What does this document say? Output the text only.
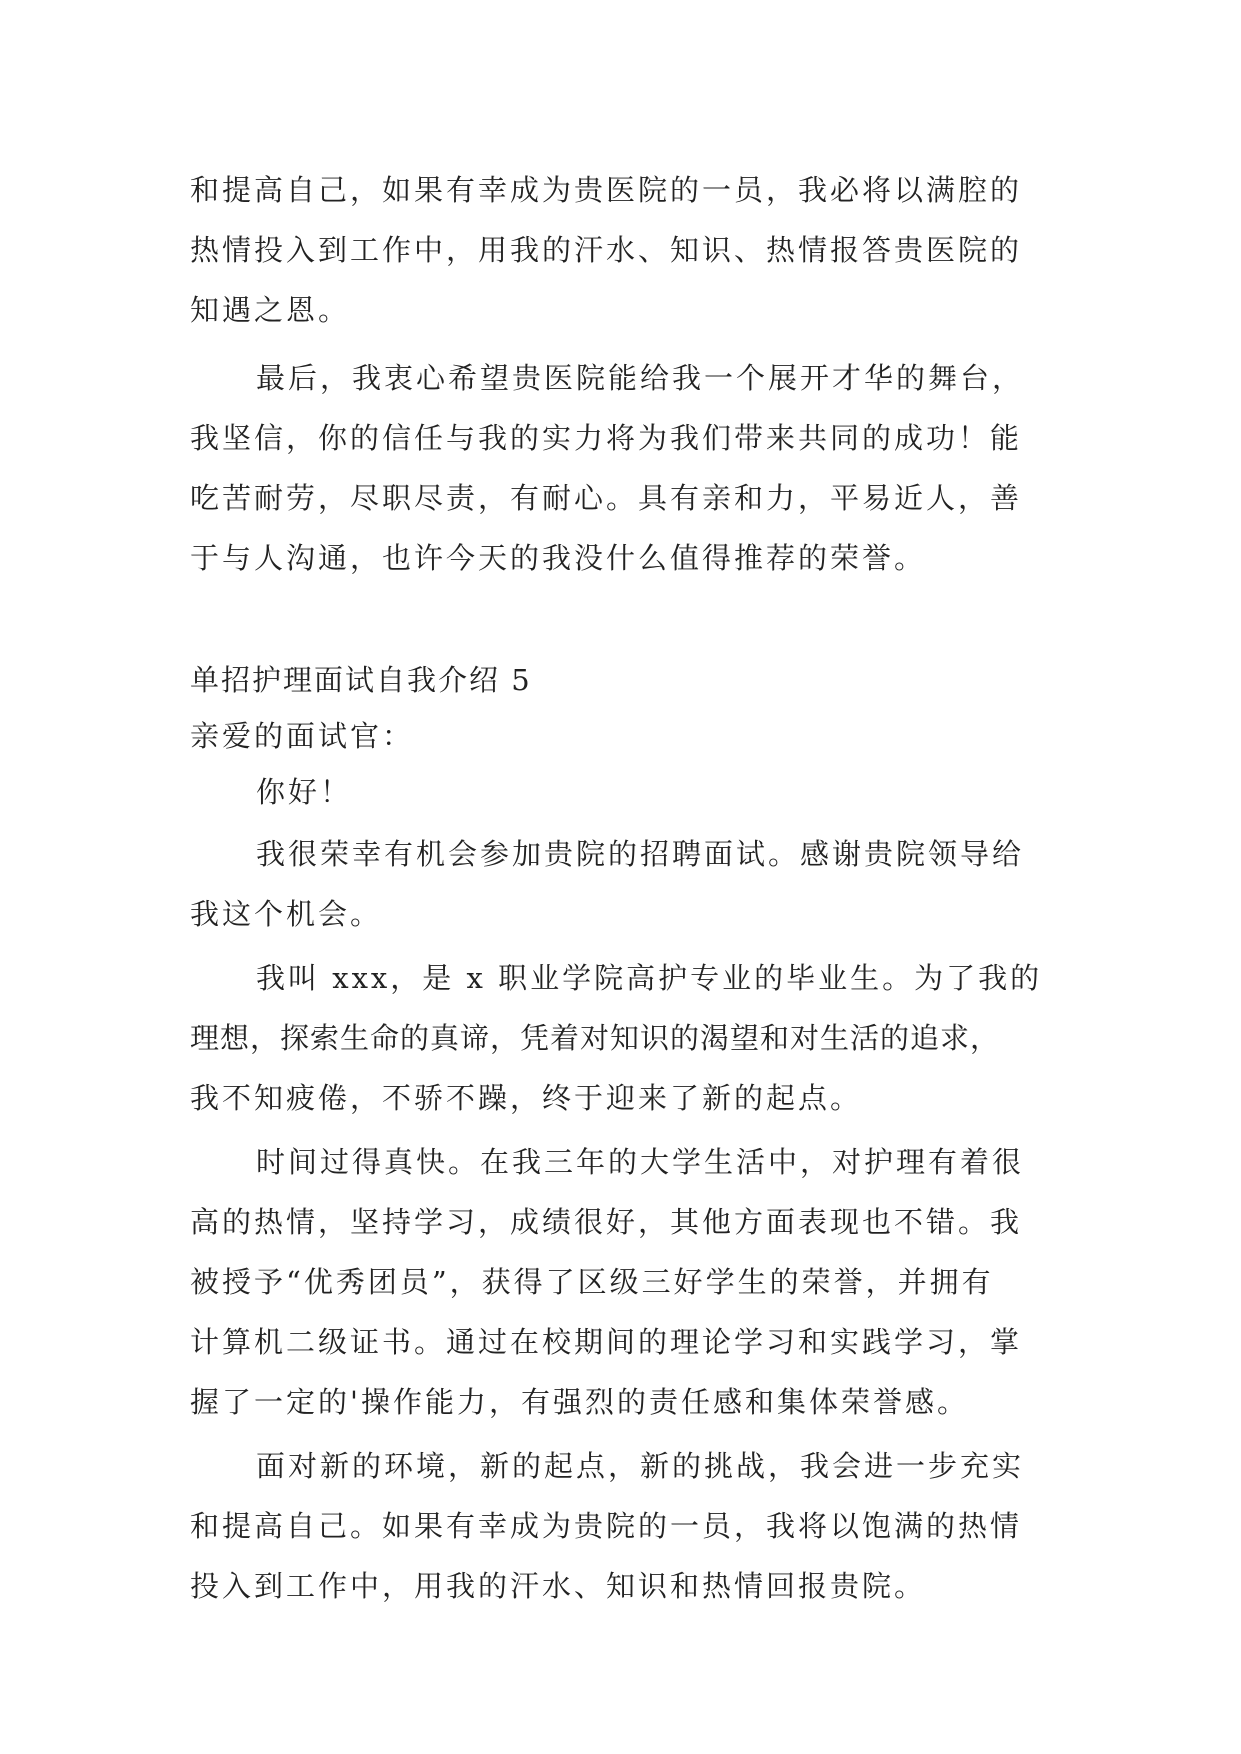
和提高自己，如果有幸成为贵医院的一员，我必将以满腔的
热情投入到工作中，用我的汗水、知识、热情报答贵医院的
知遇之恩。
最后，我衷心希望贵医院能给我一个展开才华的舞台，
我坚信，你的信任与我的实力将为我们带来共同的成功！能
吃苦耐劳，尽职尽责，有耐心。具有亲和力，平易近人，善
于与人沟通，也许今天的我没什么值得推荐的荣誉。
单招护理面试自我介绍 5
亲爱的面试官：
你好！
我很荣幸有机会参加贵院的招聘面试。感谢贵院领导给
我这个机会。
我叫 xxx，是 x 职业学院高护专业的毕业生。为了我的
理想，探索生命的真谛，凭着对知识的渴望和对生活的追求，
我不知疲倦，不骄不躁，终于迎来了新的起点。
时间过得真快。在我三年的大学生活中，对护理有着很
高的热情，坚持学习，成绩很好，其他方面表现也不错。我
被授予“优秀团员”，获得了区级三好学生的荣誉，并拥有
计算机二级证书。通过在校期间的理论学习和实践学习，掌
握了一定的'操作能力，有强烈的责任感和集体荣誉感。
面对新的环境，新的起点，新的挑战，我会进一步充实
和提高自己。如果有幸成为贵院的一员，我将以饱满的热情
投入到工作中，用我的汗水、知识和热情回报贵院。
